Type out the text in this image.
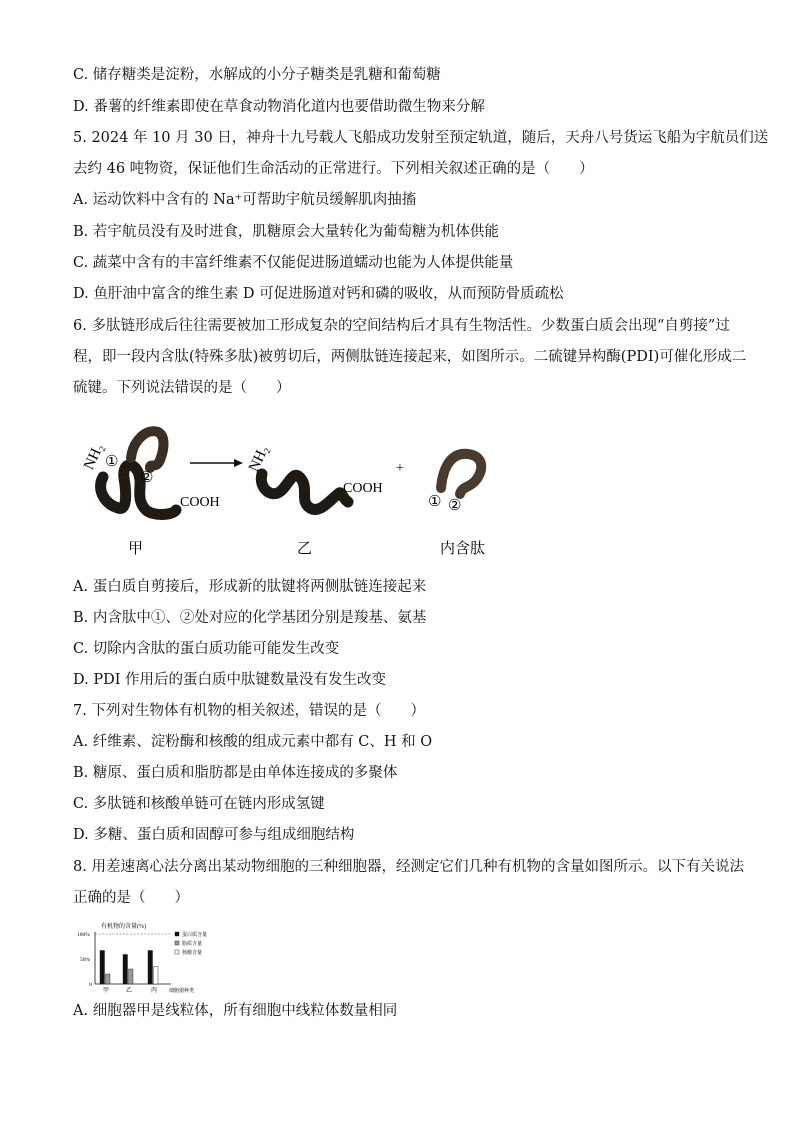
C. 储存糖类是淀粉，水解成的小分子糖类是乳糖和葡萄糖
D. 番薯的纤维素即使在草食动物消化道内也要借助微生物来分解
5. 2024 年 10 月 30 日，神舟十九号载人飞船成功发射至预定轨道，随后，天舟八号货运飞船为宇航员们送
去约 46 吨物资，保证他们生命活动的正常进行。下列相关叙述正确的是（　　）
A. 运动饮料中含有的 Na⁺可帮助宇航员缓解肌肉抽搐
B. 若宇航员没有及时进食，肌糖原会大量转化为葡萄糖为机体供能
C. 蔬菜中含有的丰富纤维素不仅能促进肠道蠕动也能为人体提供能量
D. 鱼肝油中富含的维生素 D 可促进肠道对钙和磷的吸收，从而预防骨质疏松
6. 多肽链形成后往往需要被加工形成复杂的空间结构后才具有生物活性。少数蛋白质会出现“自剪接”过
程，即一段内含肽(特殊多肽)被剪切后，两侧肽链连接起来，如图所示。二硫键异构酶(PDI)可催化形成二
硫键。下列说法错误的是（　　）
NH₂
①
②
COOH
NH₂
COOH
+
① ②
甲	乙	内含肽
A. 蛋白质自剪接后，形成新的肽键将两侧肽链连接起来
B. 内含肽中①、②处对应的化学基团分别是羧基、氨基
C. 切除内含肽的蛋白质功能可能发生改变
D. PDI 作用后的蛋白质中肽键数量没有发生改变
7. 下列对生物体有机物的相关叙述，错误的是（　　）
A. 纤维素、淀粉酶和核酸的组成元素中都有 C、H 和 O
B. 糖原、蛋白质和脂肪都是由单体连接成的多聚体
C. 多肽链和核酸单链可在链内形成氢键
D. 多糖、蛋白质和固醇可参与组成细胞结构
8. 用差速离心法分离出某动物细胞的三种细胞器，经测定它们几种有机物的含量如图所示。以下有关说法
正确的是（　　）
有机物的含量(%)
100%
50%
0
甲	乙	丙 细胞器种类
蛋白质含量
脂质含量
核酸含量
A. 细胞器甲是线粒体，所有细胞中线粒体数量相同
